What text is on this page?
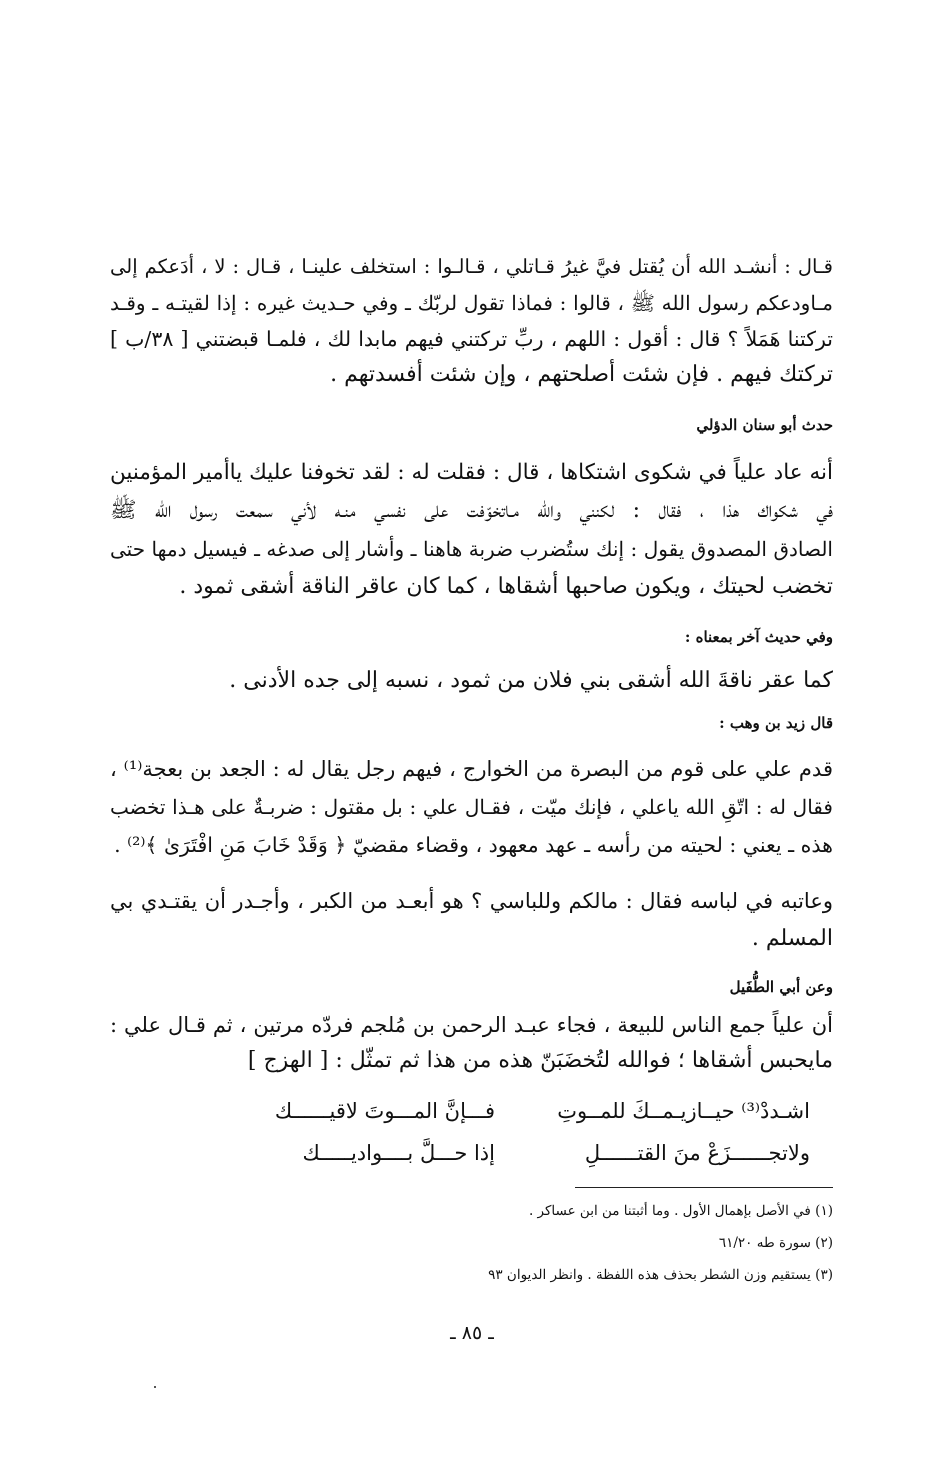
قـال : أنشـد الله أن يُقتل فيَّ غيرُ قـاتلي ، قـالـوا : استخلف علينـا ، قـال : لا ، أدَعكم إلى
مـاودعكم رسول الله ﷺ ، قالوا : فماذا تقول لربّك ـ وفي حـديث غيره : إذا لقيتـه ـ وقـد
تركتنا هَمَلاً ؟ قال : أقول : اللهم ، ربِّ تركتني فيهم مابدا لك ، فلمـا قبضتني [ ٣٨/ب ]
تركتك فيهم . فإن شئت أصلحتهم ، وإن شئت أفسدتهم .
حدث أبو سنان الدؤلي
أنه عاد علياً في شكوى اشتكاها ، قال : فقلت له : لقد تخوفنا عليك ياأمير المؤمنين
في شكواك هذا ، فقال : لكنني والله مـاتخوّفت على نفسي منـه لأني سمعت رسول الله ﷺ
الصادق المصدوق يقول : إنك ستُضرب ضربة هاهنا ـ وأشار إلى صدغه ـ فيسيل دمها حتى
تخضب لحيتك ، ويكون صاحبها أشقاها ، كما كان عاقر الناقة أشقى ثمود .
وفي حديث آخر بمعناه :
كما عقر ناقةَ الله أشقى بني فلان من ثمود ، نسبه إلى جده الأدنى .
قال زيد بن وهب :
قدم علي على قوم من البصرة من الخوارج ، فيهم رجل يقال له : الجعد بن بعجة⁽¹⁾ ،
فقال له : اتّقِ الله ياعلي ، فإنك ميّت ، فقـال علي : بل مقتول : ضربـةٌ على هـذا تخضب
هذه ـ يعني : لحيته من رأسه ـ عهد معهود ، وقضاء مقضيّ ﴿ وَقَدْ خَابَ مَنِ افْتَرَىٰ ﴾⁽²⁾ .
وعاتبه في لباسه فقال : مالكم وللباسي ؟ هو أبعـد من الكبر ، وأجـدر أن يقتـدي بي
المسلم .
وعن أبي الطُّفَيل
أن علياً جمع الناس للبيعة ، فجاء عبـد الرحمن بن مُلجم فردّه مرتين ، ثم قـال علي :
مايحبس أشقاها ؛ فوالله لتُخضَبَنّ هذه من هذا ثم تمثّل : [ الهزج ]
اشـددْ⁽³⁾ حيــازيـمــكَ للمــوتِ
فـــإنَّ المـــوتَ لاقيــــــك
ولاتجــــــزَعْ منَ القتــــــلِ
إذا حـــلَّ بــــواديـــــك
(١) في الأصل بإهمال الأول . وما أثبتنا من ابن عساكر .
(٢) سورة طه ٦١/٢٠
(٣) يستقيم وزن الشطر بحذف هذه اللفظة . وانظر الديوان ٩٣
ـ ٨٥ ـ
